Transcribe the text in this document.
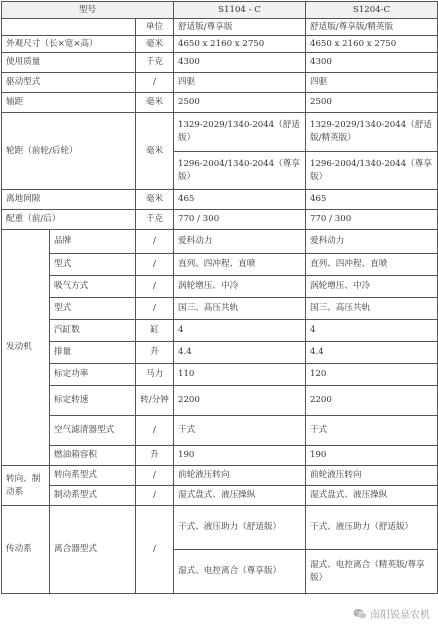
型号			S1104 - C	S1204-C
		单位	舒适版/尊享版	舒适版/尊享版/精英版
外观尺寸（长×宽×高）		毫米	4650 x 2160 x 2750	4650 x 2160 x 2750
使用质量		千克	4300	4300
驱动型式		/	四驱	四驱
轴距		毫米	2500	2500
轮距（前轮/后轮）		毫米	1329-2029/1340-2044（舒适版）	1329-2029/1340-2044（舒适版/精英版）
			1296-2004/1340-2044（尊享版）	1296-2004/1340-2044（尊享版）
离地间隙		毫米	465	465
配重（前/后）		千克	770 / 300	770 / 300
发动机	品牌	/	爱科动力	爱科动力
	型式	/	直列、四冲程、直喷	直列、四冲程、直喷
	吸气方式	/	涡轮增压、中冷	涡轮增压、中冷
	型式	/	国三、高压共轨	国三、高压共轨
	汽缸数	缸	4	4
	排量	升	4.4	4.4
	标定功率	马力	110	120
	标定转速	转/分钟	2200	2200
	空气滤清器型式	/	干式	干式
	燃油箱容积	升	190	190
转向、制动系	转向系型式	/	前轮液压转向	前轮液压转向
	制动系型式	/	湿式盘式、液压操纵	湿式盘式、液压操纵
传动系	离合器型式	/	干式、液压助力（舒适版）	干式、液压助力（舒适版）
			湿式、电控离合（尊享版）	湿式、电控离合（精英版/尊享版）
南阳锐泉农机
